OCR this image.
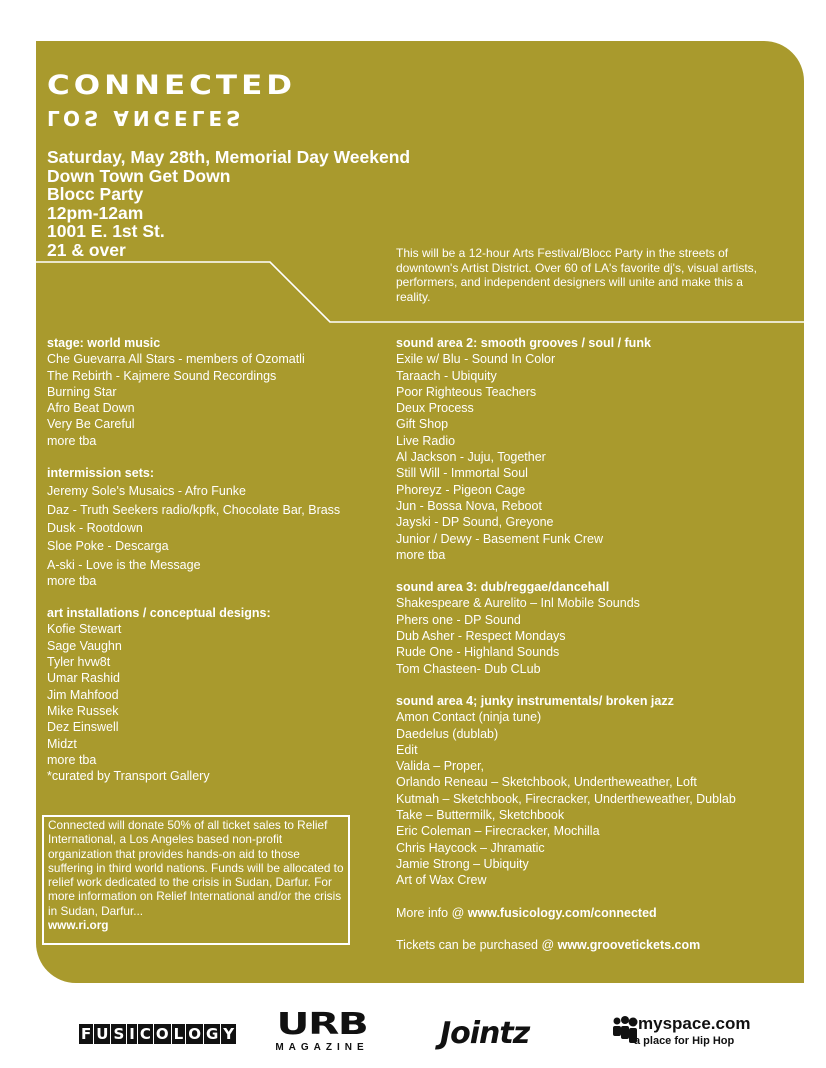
CONNECTED
LOS ANGELES
Saturday, May 28th, Memorial Day Weekend
Down Town Get Down
Blocc Party
12pm-12am
1001 E. 1st St.
21 & over	This will be a 12-hour Arts Festival/Blocc Party in the streets of downtown's Artist District. Over 60 of LA's favorite dj's, visual artists, performers, and independent designers will unite and make this a reality.
stage: world music
Che Guevarra All Stars - members of Ozomatli
The Rebirth - Kajmere Sound Recordings
Burning Star
Afro Beat Down
Very Be Careful
more tba
intermission sets:
Jeremy Sole's Musaics - Afro Funke
Daz - Truth Seekers radio/kpfk, Chocolate Bar, Brass
Dusk - Rootdown
Sloe Poke - Descarga
A-ski - Love is the Message
more tba
art installations / conceptual designs:
Kofie Stewart
Sage Vaughn
Tyler hvw8t
Umar Rashid
Jim Mahfood
Mike Russek
Dez Einswell
Midzt
more tba
*curated by Transport Gallery
Connected will donate 50% of all ticket sales to Relief International, a Los Angeles based non-profit organization that provides hands-on aid to those suffering in third world nations. Funds will be allocated to relief work dedicated to the crisis in Sudan, Darfur. For more information on Relief International and/or the crisis in Sudan, Darfur...
www.ri.org
sound area 2: smooth grooves / soul / funk
Exile w/ Blu - Sound In Color
Taraach - Ubiquity
Poor Righteous Teachers
Deux Process
Gift Shop
Live Radio
Al Jackson - Juju, Together
Still Will - Immortal Soul
Phoreyz - Pigeon Cage
Jun - Bossa Nova, Reboot
Jayski - DP Sound, Greyone
Junior / Dewy - Basement Funk Crew
more tba
sound area 3: dub/reggae/dancehall
Shakespeare & Aurelito – Inl Mobile Sounds
Phers one - DP Sound
Dub Asher - Respect Mondays
Rude One - Highland Sounds
Tom Chasteen- Dub CLub
sound area 4; junky instrumentals/ broken jazz
Amon Contact (ninja tune)
Daedelus (dublab)
Edit
Valida – Proper,
Orlando Reneau – Sketchbook, Undertheweather, Loft
Kutmah – Sketchbook, Firecracker, Undertheweather, Dublab
Take – Buttermilk, Sketchbook
Eric Coleman – Firecracker, Mochilla
Chris Haycock – Jhramatic
Jamie Strong – Ubiquity
Art of Wax Crew
More info @ www.fusicology.com/connected
Tickets can be purchased @ www.groovetickets.com
F U S I C O L O G Y	URB
MAGAZINE	Jointz	myspace.com
a place for Hip Hop
